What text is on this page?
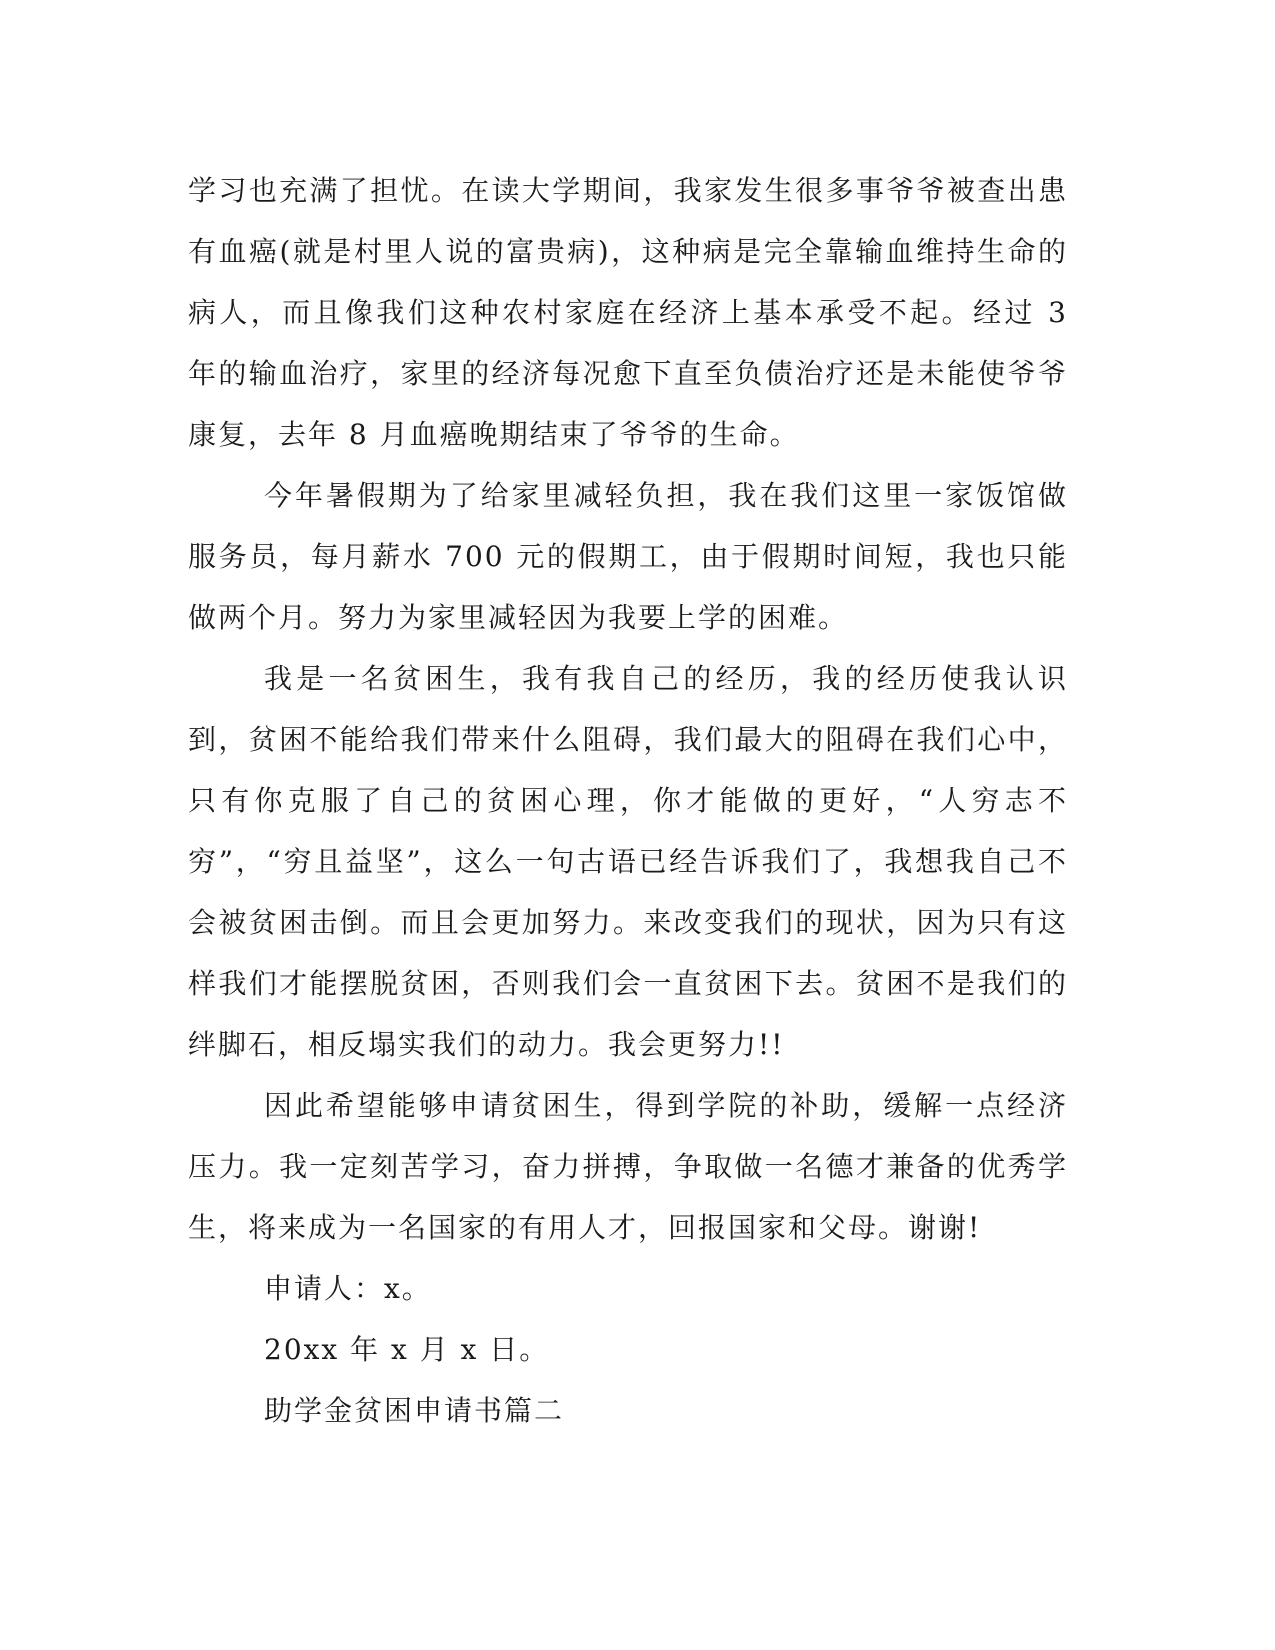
学习也充满了担忧。在读大学期间，我家发生很多事爷爷被查出患有血癌(就是村里人说的富贵病)，这种病是完全靠输血维持生命的病人，而且像我们这种农村家庭在经济上基本承受不起。经过 3 年的输血治疗，家里的经济每况愈下直至负债治疗还是未能使爷爷康复，去年 8 月血癌晚期结束了爷爷的生命。

今年暑假期为了给家里减轻负担，我在我们这里一家饭馆做服务员，每月薪水 700 元的假期工，由于假期时间短，我也只能做两个月。努力为家里减轻因为我要上学的困难。

我是一名贫困生，我有我自己的经历，我的经历使我认识到，贫困不能给我们带来什么阻碍，我们最大的阻碍在我们心中，只有你克服了自己的贫困心理，你才能做的更好，“人穷志不穷”，“穷且益坚”，这么一句古语已经告诉我们了，我想我自己不会被贫困击倒。而且会更加努力。来改变我们的现状，因为只有这样我们才能摆脱贫困，否则我们会一直贫困下去。贫困不是我们的绊脚石，相反塌实我们的动力。我会更努力!!

因此希望能够申请贫困生，得到学院的补助，缓解一点经济压力。我一定刻苦学习，奋力拼搏，争取做一名德才兼备的优秀学生，将来成为一名国家的有用人才，回报国家和父母。谢谢!

申请人：x。

20xx 年 x 月 x 日。

助学金贫困申请书篇二
